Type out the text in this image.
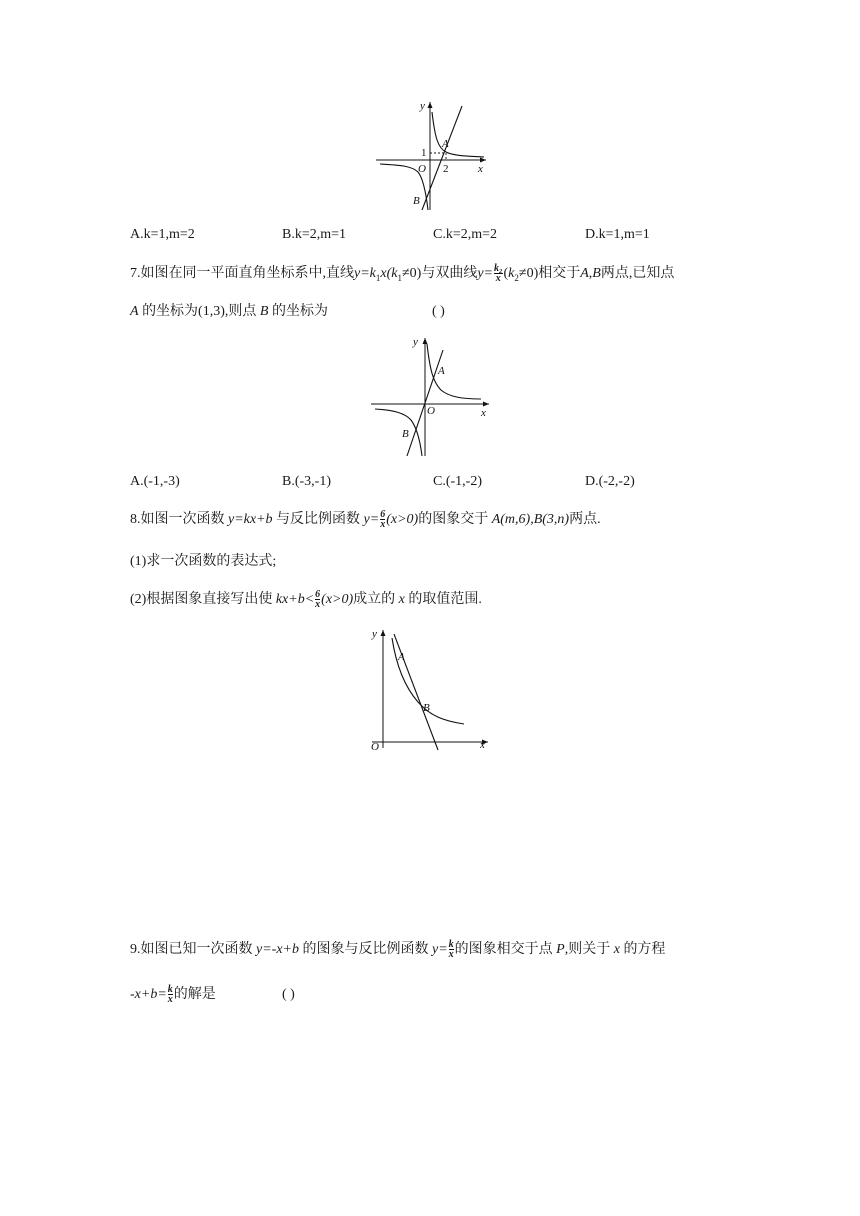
y
x
1
O 2
A
B
A.k=1,m=2	B.k=2,m=1	C.k=2,m=2	D.k=1,m=1
7.如图在同一平面直角坐标系中,直线$y=k_1x(k_1\ne 0)$与双曲线$y= \frac{\text{k₂}}{x} (k_2\ne 0)$相交于A,B两点,已知点
A 的坐标为(1,3),则点 B 的坐标为	( )
y
x
O
A
B
A.(-1,-3)	B.(-3,-1)	C.(-1,-2)	D.(-2,-2)
8.如图一次函数 y=kx+b 与反比例函数 $y= \frac{6}{x} (x>0)$的图象交于 A(m,6),B(3,n)两点.
(1)求一次函数的表达式;
(2)根据图象直接写出使 $kx+b< \frac{6}{x} (x>0)$成立的 x 的取值范围.
y
x
O
A
B
9.如图已知一次函数 y=-x+b 的图象与反比例函数 $y= \frac{k}{x}$ 的图象相交于点 P,则关于 x 的方程
$-x+b= \frac{k}{x}$ 的解是	( )
